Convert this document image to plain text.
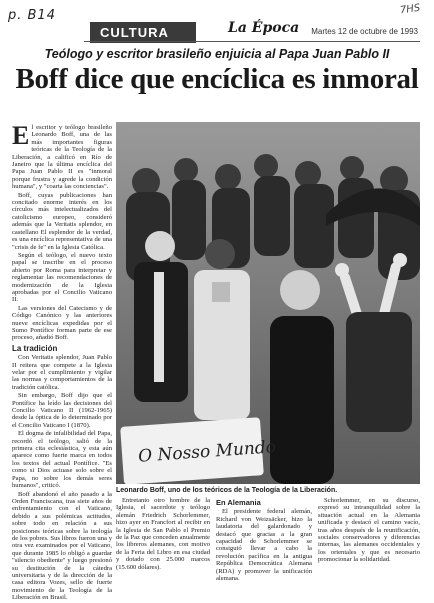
p. B14	7HS
CULTURA	La Época Martes 12 de octubre de 1993
Teólogo y escritor brasileño enjuicia al Papa Juan Pablo II
Boff dice que encíclica es inmoral
E l escritor y teólogo brasileño Leonardo Boff, una de las más importantes figuras teóricas de la Teología de la Liberación, a calificó en Río de Janeiro que la última encíclica del Papa Juan Pablo II es "inmoral porque frustra y agrede la condición humana", y "coarta las conciencias".

Boff, cuyas publicaciones han concitado enorme interés en los círculos más intelectualizados del catolicismo europeo, consideró además que la Veritatis splendor, en castellano El esplendor de la verdad, es una encíclica representativa de una "crisis de fe" en la Iglesia Católica.

Según el teólogo, el nuevo texto papal se inscribe en el proceso abierto por Roma para interpretar y reglamentar las recomendaciones de modernización de la Iglesia aprobadas por el Concilio Vaticano II.

Las versiones del Catecismo y de Código Canónico y las anteriores nueve encíclicas expedidas por el Sumo Pontífice forman parte de ese proceso, añadió Boff.

La tradición

Con Veritatis splendor, Juan Pablo II reitera que compete a la Iglesia velar por el cumplimiento y vigilar las normas y comportamientos de la tradición católica.

Sin embargo, Boff dijo que el Pontífice ha leído las decisiones del Concilio Vaticano II (1962-1965) desde la óptica de lo determinado por el Concilio Vaticano I (1870).

El dogma de infalibilidad del Papa, recordó el teólogo, salió de la primera cita eclesiástica, y esta aún aparece como fuerte marca en todos los textos del actual Pontífice. "Es como si Dios actuase solo sobre el Papa, no sobre los demás seres humanos", criticó.

Boff abandonó el año pasado a la Orden Franciscana, tras siete años de enfrentamiento con el Vaticano, debido a sus polémicas actitudes, sobre todo en relación a sus posiciones teóricas sobre la teología de los pobres. Sus libros fueron una y otra vez examinados por el Vaticano, que durante 1985 lo obligó a guardar "silencio obediente" y luego presionó su destitución de la cátedra universitaria y de la dirección de la casa editora Vozes, sello de fuerte movimiento de la Teología de la Liberación en Brasil.

O Nosso Mundo
Leonardo Boff, uno de los teóricos de la Teología de la Liberación.

Entretanto otro hombre de la Iglesia, el sacerdote y teólogo alemán Friedrich Schorlemmer, hizo ayer en Francfort al recibir en la Iglesia de San Pablo el Premio de la Paz que conceden anualmente los libreros alemanes, con motivo de la Feria del Libro en esa ciudad y dotado con 25.000 marcos (15.600 dólares).

En Alemania

El presidente federal alemán, Richard von Weizsäcker, hizo la laudatoria del galardonado y destacó que gracias a la gran capacidad de Schorlemmer se consiguió llevar a cabo la revolución pacífica en la antigua República Democrática Alemana (RDA) y promover la unificación alemana.

Schorlemmer, en su discurso, expresó su intranquilidad sobre la situación actual en la Alemania unificada y destacó el camino vacío, tras años después de la reunificación, sociales conservadores y diferencias internas, las alemanes occidentales y los orientales y que es necesario promocionar la solidaridad.
